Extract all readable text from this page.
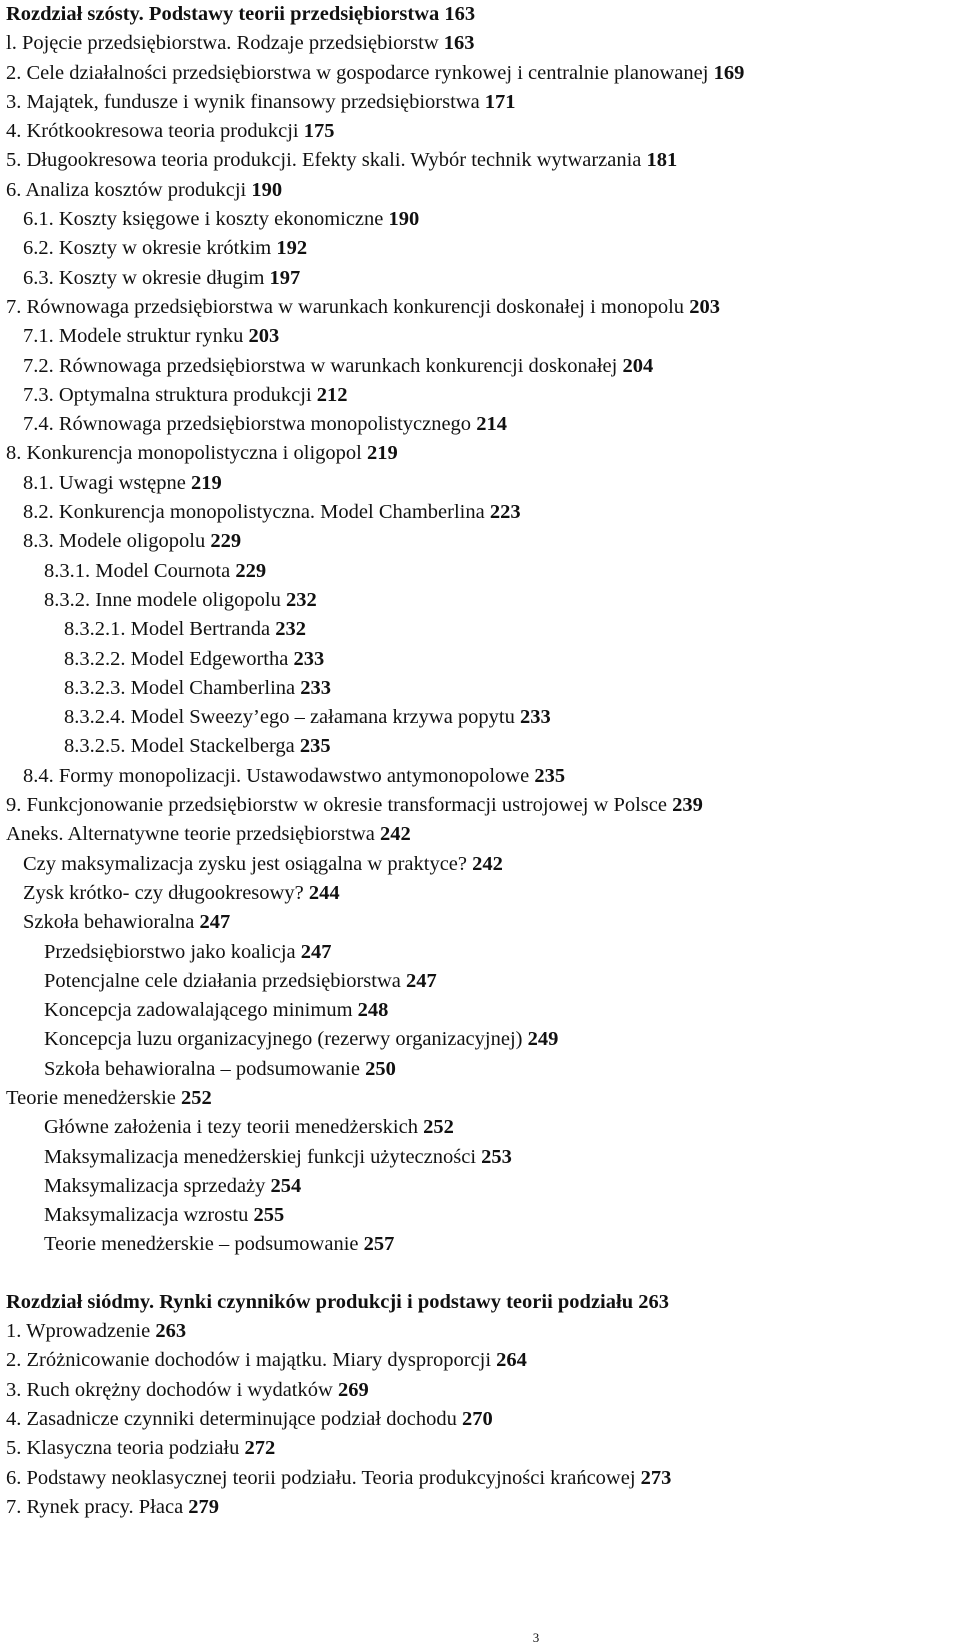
Rozdział szósty. Podstawy teorii przedsiębiorstwa 163
l. Pojęcie przedsiębiorstwa. Rodzaje przedsiębiorstw 163
2. Cele działalności przedsiębiorstwa w gospodarce rynkowej i centralnie planowanej 169
3. Majątek, fundusze i wynik finansowy przedsiębiorstwa 171
4. Krótkookresowa teoria produkcji 175
5. Długookresowa teoria produkcji. Efekty skali. Wybór technik wytwarzania 181
6. Analiza kosztów produkcji 190
6.1. Koszty księgowe i koszty ekonomiczne 190
6.2. Koszty w okresie krótkim 192
6.3. Koszty w okresie długim 197
7. Równowaga przedsiębiorstwa w warunkach konkurencji doskonałej i monopolu 203
7.1. Modele struktur rynku 203
7.2. Równowaga przedsiębiorstwa w warunkach konkurencji doskonałej 204
7.3. Optymalna struktura produkcji 212
7.4. Równowaga przedsiębiorstwa monopolistycznego 214
8. Konkurencja monopolistyczna i oligopol 219
8.1. Uwagi wstępne 219
8.2. Konkurencja monopolistyczna. Model Chamberlina 223
8.3. Modele oligopolu 229
8.3.1. Model Cournota 229
8.3.2. Inne modele oligopolu 232
8.3.2.1. Model Bertranda 232
8.3.2.2. Model Edgewortha 233
8.3.2.3. Model Chamberlina 233
8.3.2.4. Model Sweezy’ego – załamana krzywa popytu 233
8.3.2.5. Model Stackelberga 235
8.4. Formy monopolizacji. Ustawodawstwo antymonopolowe 235
9. Funkcjonowanie przedsiębiorstw w okresie transformacji ustrojowej w Polsce 239
Aneks. Alternatywne teorie przedsiębiorstwa 242
Czy maksymalizacja zysku jest osiągalna w praktyce? 242
Zysk krótko- czy długookresowy? 244
Szkoła behawioralna 247
Przedsiębiorstwo jako koalicja 247
Potencjalne cele działania przedsiębiorstwa 247
Koncepcja zadowalającego minimum 248
Koncepcja luzu organizacyjnego (rezerwy organizacyjnej) 249
Szkoła behawioralna – podsumowanie 250
Teorie menedżerskie 252
Główne założenia i tezy teorii menedżerskich 252
Maksymalizacja menedżerskiej funkcji użyteczności 253
Maksymalizacja sprzedaży 254
Maksymalizacja wzrostu 255
Teorie menedżerskie – podsumowanie 257
Rozdział siódmy. Rynki czynników produkcji i podstawy teorii podziału 263
1. Wprowadzenie 263
2. Zróżnicowanie dochodów i majątku. Miary dysproporcji 264
3. Ruch okrężny dochodów i wydatków 269
4. Zasadnicze czynniki determinujące podział dochodu 270
5. Klasyczna teoria podziału 272
6. Podstawy neoklasycznej teorii podziału. Teoria produkcyjności krańcowej 273
7. Rynek pracy. Płaca 279
3
